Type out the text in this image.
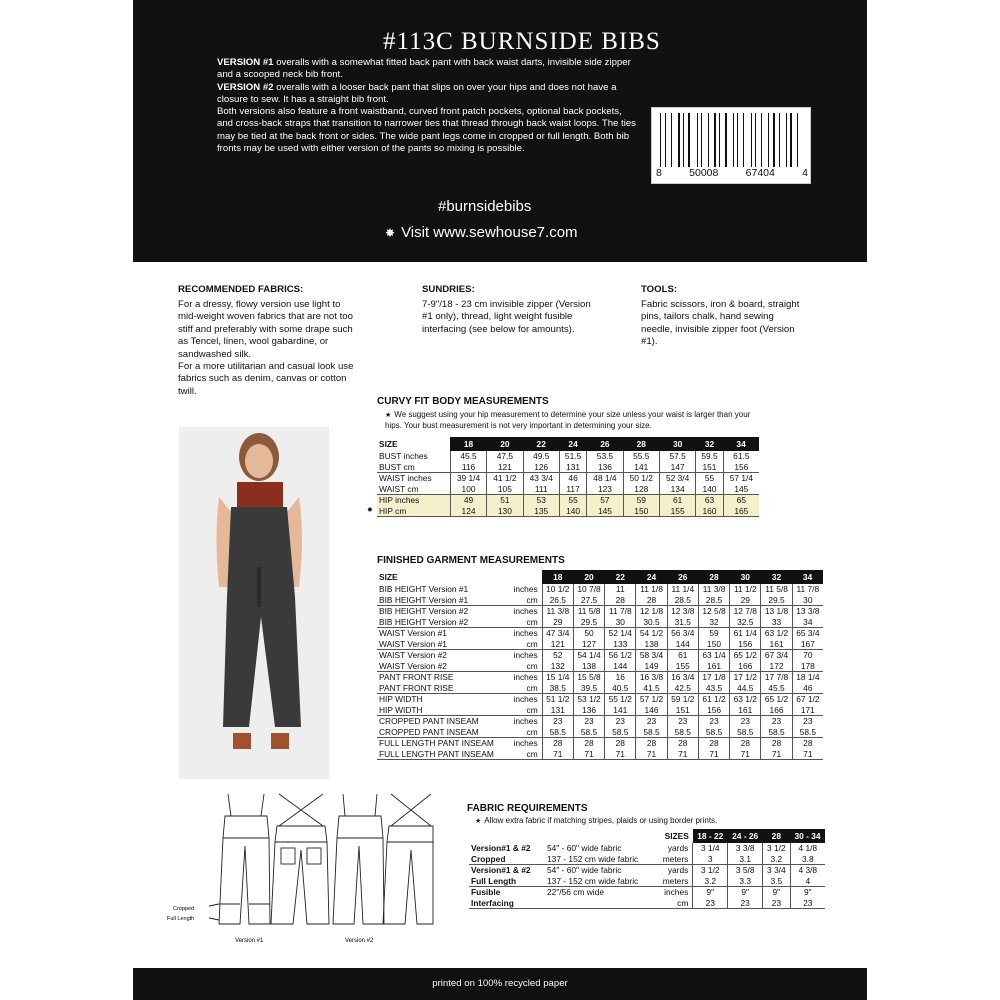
#113C BURNSIDE BIBS
VERSION #1 overalls with a somewhat fitted back pant with back waist darts, invisible side zipper and a scooped neck bib front.
VERSION #2 overalls with a looser back pant that slips on over your hips and does not have a closure to sew. It has a straight bib front.
Both versions also feature a front waistband, curved front patch pockets, optional back pockets, and cross-back straps that transition to narrower ties that thread through back waist loops. The ties may be tied at the back front or sides. The wide pant legs come in cropped or full length. Both bib fronts may be used with either version of the pants so mixing is possible.
8	50008	67404	4
#burnsidebibs
✸ Visit www.sewhouse7.com
RECOMMENDED FABRICS:
For a dressy, flowy version use light to mid-weight woven fabrics that are not too stiff and preferably with some drape such as Tencel, linen, wool gabardine, or sandwashed silk.
For a more utilitarian and casual look use fabrics such as denim, canvas or cotton twill.
SUNDRIES:
7-9"/18 - 23 cm invisible zipper (Version #1 only), thread, light weight fusible interfacing (see below for amounts).
TOOLS:
Fabric scissors, iron & board, straight pins, tailors chalk, hand sewing needle, invisible zipper foot (Version #1).
CURVY FIT BODY MEASUREMENTS
★ We suggest using your hip measurement to determine your size unless your waist is larger than your hips. Your bust measurement is not very important in determining your size.
✸
SIZE	18	20	22	24	26	28	30	32	34
BUST inches	45.5	47.5	49.5	51.5	53.5	55.5	57.5	59.5	61.5
BUST cm	116	121	126	131	136	141	147	151	156
WAIST inches	39 1/4	41 1/2	43 3/4	46	48 1/4	50 1/2	52 3/4	55	57 1/4
WAIST cm	100	105	111	117	123	128	134	140	145
HIP inches	49	51	53	55	57	59	61	63	65
HIP cm	124	130	135	140	145	150	155	160	165
FINISHED GARMENT MEASUREMENTS
SIZE		18	20	22	24	26	28	30	32	34
BIB HEIGHT Version #1	inches	10 1/2	10 7/8	11	11 1/8	11 1/4	11 3/8	11 1/2	11 5/8	11 7/8
BIB HEIGHT Version #1	cm	26.5	27.5	28	28	28.5	28.5	29	29.5	30
BIB HEIGHT Version #2	inches	11 3/8	11 5/8	11 7/8	12 1/8	12 3/8	12 5/8	12 7/8	13 1/8	13 3/8
BIB HEIGHT Version #2	cm	29	29.5	30	30.5	31.5	32	32.5	33	34
WAIST Version #1	inches	47 3/4	50	52 1/4	54 1/2	56 3/4	59	61 1/4	63 1/2	65 3/4
WAIST Version #1	cm	121	127	133	138	144	150	156	161	167
WAIST Version #2	inches	52	54 1/4	56 1/2	58 3/4	61	63 1/4	65 1/2	67 3/4	70
WAIST Version #2	cm	132	138	144	149	155	161	166	172	178
PANT FRONT RISE	inches	15 1/4	15 5/8	16	16 3/8	16 3/4	17 1/8	17 1/2	17 7/8	18 1/4
PANT FRONT RISE	cm	38.5	39.5	40.5	41.5	42.5	43.5	44.5	45.5	46
HIP WIDTH	inches	51 1/2	53 1/2	55 1/2	57 1/2	59 1/2	61 1/2	63 1/2	65 1/2	67 1/2
HIP WIDTH	cm	131	136	141	146	151	156	161	166	171
CROPPED PANT INSEAM	inches	23	23	23	23	23	23	23	23	23
CROPPED PANT INSEAM	cm	58.5	58.5	58.5	58.5	58.5	58.5	58.5	58.5	58.5
FULL LENGTH PANT INSEAM	inches	28	28	28	28	28	28	28	28	28
FULL LENGTH PANT INSEAM	cm	71	71	71	71	71	71	71	71	71
Cropped
Full Length
Version #1	Version #2
FABRIC REQUIREMENTS
★ Allow extra fabric if matching stripes, plaids or using border prints.
SIZES			18 - 22	24 - 26	28	30 - 34
Version#1 & #2 Cropped	54" - 60" wide fabric	yards	3 1/4	3 3/8	3 1/2	4 1/8
	137 - 152 cm wide fabric	meters	3	3.1	3.2	3.8
Version#1 & #2 Full Length	54" - 60" wide fabric	yards	3 1/2	3 5/8	3 3/4	4 3/8
	137 - 152 cm wide fabric	meters	3.2	3.3	3.5	4
Fusible Interfacing	22"/56 cm wide	inches	9"	9"	9"	9"
		cm	23	23	23	23
printed on 100% recycled paper
